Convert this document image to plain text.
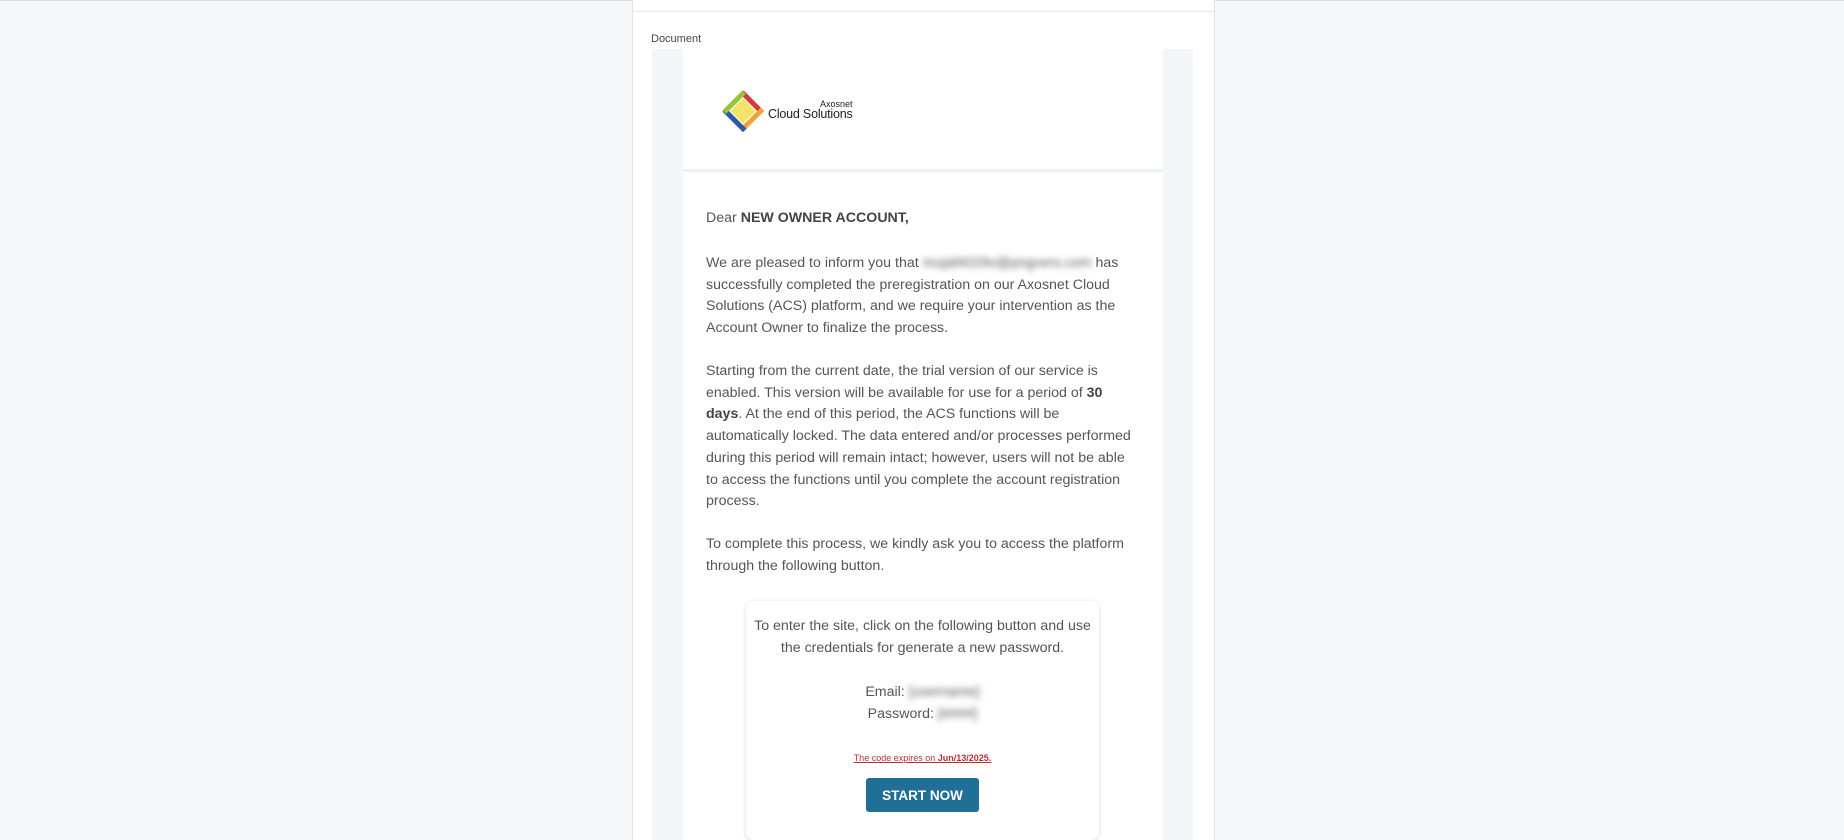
Document
Axosnet
Cloud Solutions
Dear NEW OWNER ACCOUNT,
We are pleased to inform you that mujaf4029v@pngvers.com has successfully completed the preregistration on our Axosnet Cloud Solutions (ACS) platform, and we require your intervention as the Account Owner to finalize the process.
Starting from the current date, the trial version of our service is enabled. This version will be available for use for a period of 30 days. At the end of this period, the ACS functions will be automatically locked. The data entered and/or processes performed during this period will remain intact; however, users will not be able to access the functions until you complete the account registration process.
To complete this process, we kindly ask you to access the platform through the following button.
To enter the site, click on the following button and use the credentials for generate a new password.
Email: [username]
Password: [####]
The code expires on Jun/13/2025.
START NOW
